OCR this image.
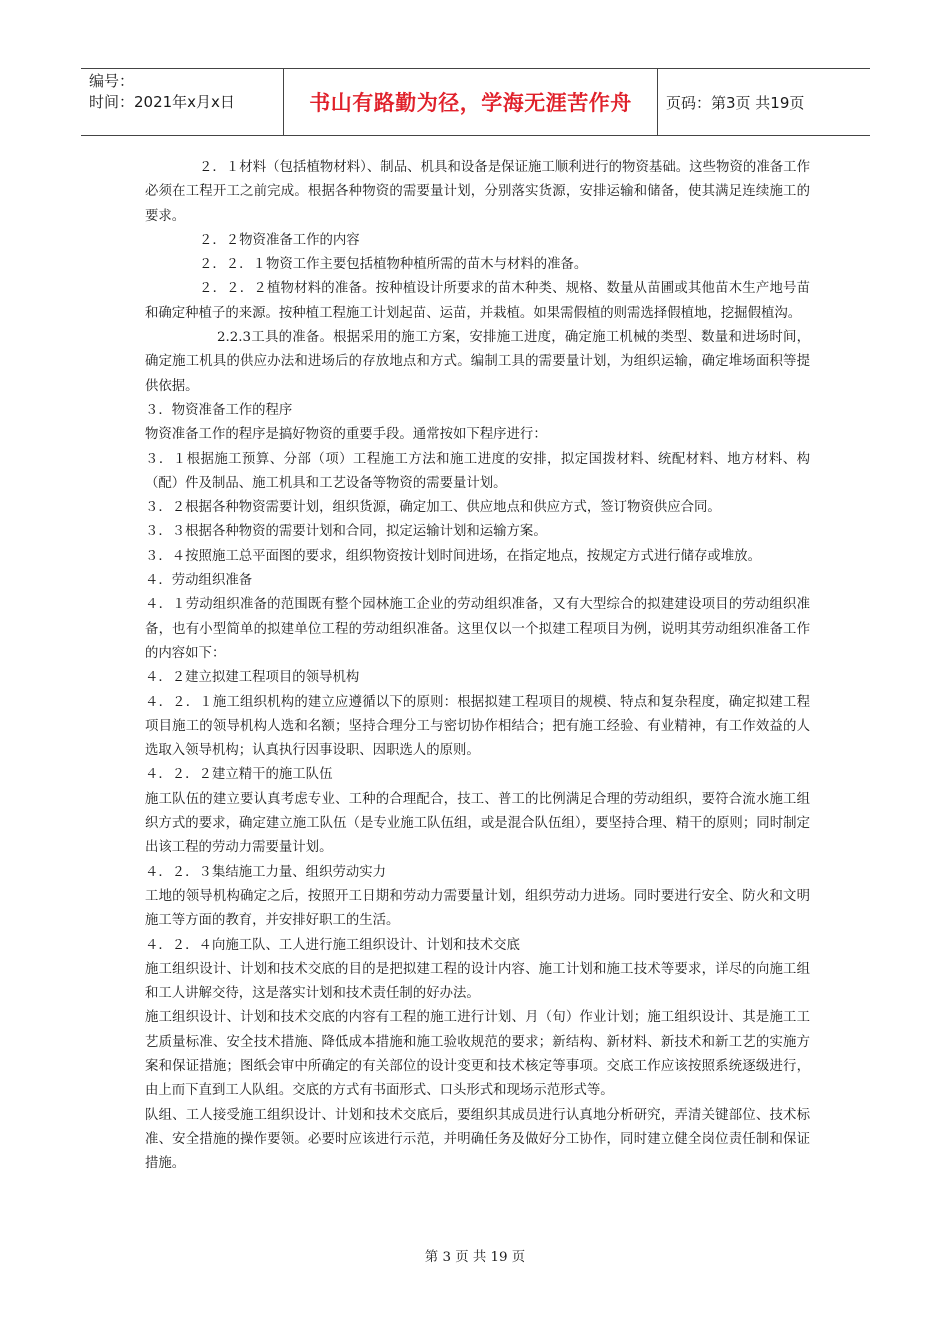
编号：
时间：2021年x月x日	书山有路勤为径，学海无涯苦作舟	页码：第3页 共19页

２．１材料（包括植物材料）、制品、机具和设备是保证施工顺利进行的物资基础。这些物资的准备工作必须在工程开工之前完成。根据各种物资的需要量计划，分别落实货源，安排运输和储备，使其满足连续施工的要求。

２．２物资准备工作的内容

２．２．１物资工作主要包括植物种植所需的苗木与材料的准备。

２．２．２植物材料的准备。按种植设计所要求的苗木种类、规格、数量从苗圃或其他苗木生产地号苗和确定种植子的来源。按种植工程施工计划起苗、运苗，并栽植。如果需假植的则需选择假植地，挖掘假植沟。

2.2.3工具的准备。根据采用的施工方案，安排施工进度，确定施工机械的类型、数量和进场时间，确定施工机具的供应办法和进场后的存放地点和方式。编制工具的需要量计划，为组织运输，确定堆场面积等提供依据。

３．物资准备工作的程序

物资准备工作的程序是搞好物资的重要手段。通常按如下程序进行：

３．１根据施工预算、分部（项）工程施工方法和施工进度的安排，拟定国拨材料、统配材料、地方材料、构（配）件及制品、施工机具和工艺设备等物资的需要量计划。

３．２根据各种物资需要计划，组织货源，确定加工、供应地点和供应方式，签订物资供应合同。

３．３根据各种物资的需要计划和合同，拟定运输计划和运输方案。

３．４按照施工总平面图的要求，组织物资按计划时间进场，在指定地点，按规定方式进行储存或堆放。

４．劳动组织准备

４．１劳动组织准备的范围既有整个园林施工企业的劳动组织准备，又有大型综合的拟建建设项目的劳动组织准备，也有小型简单的拟建单位工程的劳动组织准备。这里仅以一个拟建工程项目为例，说明其劳动组织准备工作的内容如下：

４．２建立拟建工程项目的领导机构

４．２．１施工组织机构的建立应遵循以下的原则：根据拟建工程项目的规模、特点和复杂程度，确定拟建工程项目施工的领导机构人选和名额；坚持合理分工与密切协作相结合；把有施工经验、有业精神，有工作效益的人选取入领导机构；认真执行因事设职、因职选人的原则。

４．２．２建立精干的施工队伍

施工队伍的建立要认真考虑专业、工种的合理配合，技工、普工的比例满足合理的劳动组织，要符合流水施工组织方式的要求，确定建立施工队伍（是专业施工队伍组，或是混合队伍组），要坚持合理、精干的原则；同时制定出该工程的劳动力需要量计划。

４．２．３集结施工力量、组织劳动实力

工地的领导机构确定之后，按照开工日期和劳动力需要量计划，组织劳动力进场。同时要进行安全、防火和文明施工等方面的教育，并安排好职工的生活。

４．２．４向施工队、工人进行施工组织设计、计划和技术交底

施工组织设计、计划和技术交底的目的是把拟建工程的设计内容、施工计划和施工技术等要求，详尽的向施工组和工人讲解交待，这是落实计划和技术责任制的好办法。

施工组织设计、计划和技术交底的内容有工程的施工进行计划、月（旬）作业计划；施工组织设计、其是施工工艺质量标准、安全技术措施、降低成本措施和施工验收规范的要求；新结构、新材料、新技术和新工艺的实施方案和保证措施；图纸会审中所确定的有关部位的设计变更和技术核定等事项。交底工作应该按照系统逐级进行，由上而下直到工人队组。交底的方式有书面形式、口头形式和现场示范形式等。

队组、工人接受施工组织设计、计划和技术交底后，要组织其成员进行认真地分析研究，弄清关键部位、技术标准、安全措施的操作要领。必要时应该进行示范，并明确任务及做好分工协作，同时建立健全岗位责任制和保证措施。

第 3 页 共 19 页
